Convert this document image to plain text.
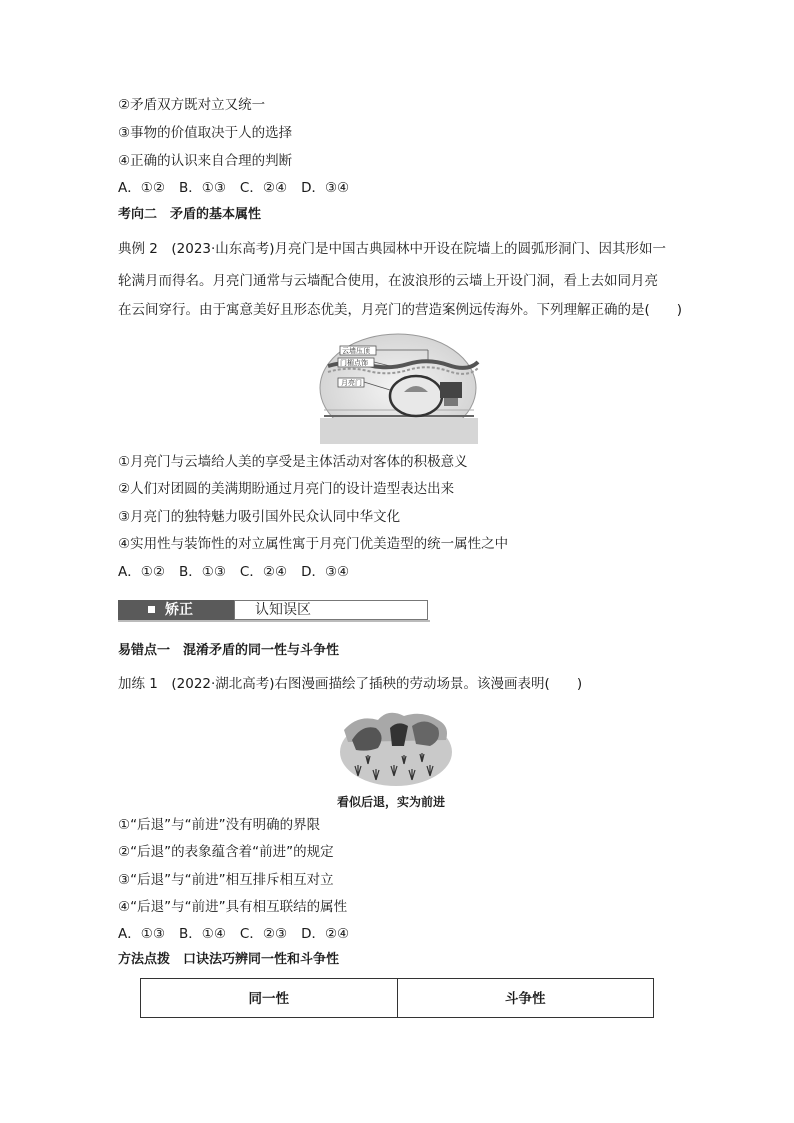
②矛盾双方既对立又统一
③事物的价值取决于人的选择
④正确的认识来自合理的判断
A．①② B．①③ C．②④ D．③④
考向二　矛盾的基本属性
典例 2　(2023·山东高考)月亮门是中国古典园林中开设在院墙上的圆弧形洞门、因其形如一
轮满月而得名。月亮门通常与云墙配合使用，在波浪形的云墙上开设门洞，看上去如同月亮
在云间穿行。由于寓意美好且形态优美，月亮门的营造案例远传海外。下列理解正确的是(　　)
云墙压顶
门楣点饰
月亮门
①月亮门与云墙给人美的享受是主体活动对客体的积极意义
②人们对团圆的美满期盼通过月亮门的设计造型表达出来
③月亮门的独特魅力吸引国外民众认同中华文化
④实用性与装饰性的对立属性寓于月亮门优美造型的统一属性之中
A．①② B．①③ C．②④ D．③④
矫正	认知误区
易错点一　混淆矛盾的同一性与斗争性
加练 1　(2022·湖北高考)右图漫画描绘了插秧的劳动场景。该漫画表明(　　)
看似后退，实为前进
①“后退”与“前进”没有明确的界限
②“后退”的表象蕴含着“前进”的规定
③“后退”与“前进”相互排斥相互对立
④“后退”与“前进”具有相互联结的属性
A．①③ B．①④ C．②③ D．②④
方法点拨　口诀法巧辨同一性和斗争性
同一性	斗争性
